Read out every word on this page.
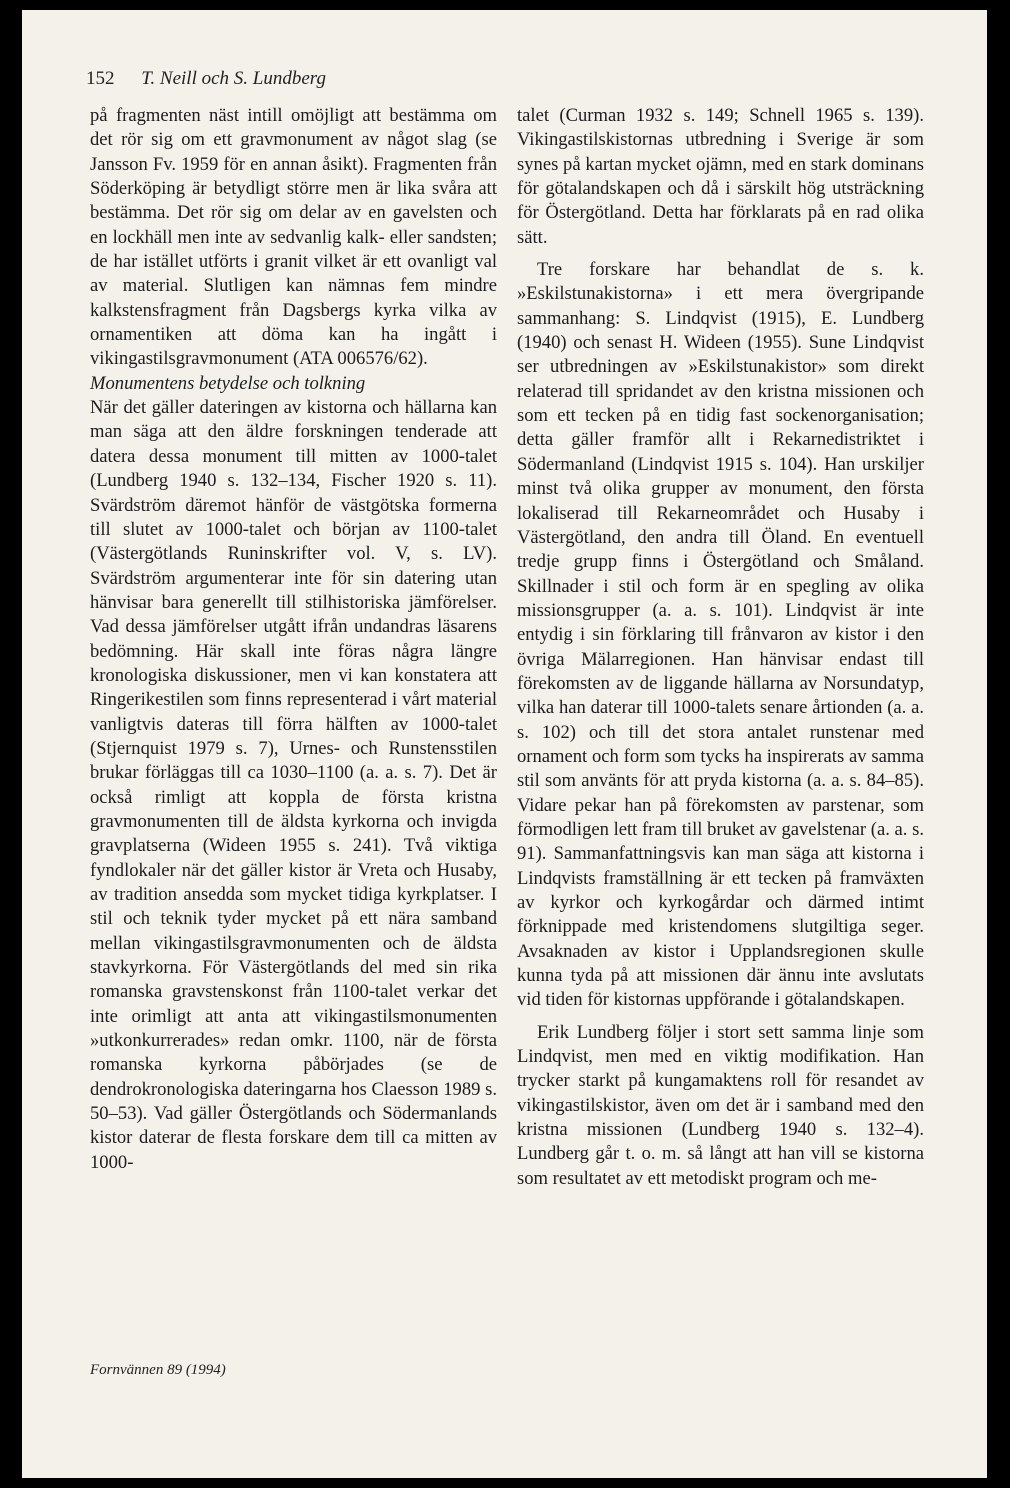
152 T. Neill och S. Lundberg

på fragmenten näst intill omöjligt att bestämma om det rör sig om ett gravmonument av något slag (se Jansson Fv. 1959 för en annan åsikt). Fragmenten från Söderköping är betydligt större men är lika svåra att bestämma. Det rör sig om delar av en gavelsten och en lockhäll men inte av sedvanlig kalk- eller sandsten; de har istället utförts i granit vilket är ett ovanligt val av material. Slutligen kan nämnas fem mindre kalkstensfragment från Dagsbergs kyrka vilka av ornamentiken att döma kan ha ingått i vikingastilsgravmonument (ATA 006576/62).

Monumentens betydelse och tolkning

När det gäller dateringen av kistorna och hällarna kan man säga att den äldre forskningen tenderade att datera dessa monument till mitten av 1000-talet (Lundberg 1940 s. 132–134, Fischer 1920 s. 11). Svärdström däremot hänför de västgötska formerna till slutet av 1000-talet och början av 1100-talet (Västergötlands Runinskrifter vol. V, s. LV). Svärdström argumenterar inte för sin datering utan hänvisar bara generellt till stilhistoriska jämförelser. Vad dessa jämförelser utgått ifrån undandras läsarens bedömning. Här skall inte föras några längre kronologiska diskussioner, men vi kan konstatera att Ringerikestilen som finns representerad i vårt material vanligtvis dateras till förra hälften av 1000-talet (Stjernquist 1979 s. 7), Urnes- och Runstensstilen brukar förläggas till ca 1030–1100 (a. a. s. 7). Det är också rimligt att koppla de första kristna gravmonumenten till de äldsta kyrkorna och invigda gravplatserna (Wideen 1955 s. 241). Två viktiga fyndlokaler när det gäller kistor är Vreta och Husaby, av tradition ansedda som mycket tidiga kyrkplatser. I stil och teknik tyder mycket på ett nära samband mellan vikingastilsgravmonumenten och de äldsta stavkyrkorna. För Västergötlands del med sin rika romanska gravstenskonst från 1100-talet verkar det inte orimligt att anta att vikingastilsmonumenten »utkonkurrerades» redan omkr. 1100, när de första romanska kyrkorna påbörjades (se de dendrokronologiska dateringarna hos Claesson 1989 s. 50–53). Vad gäller Östergötlands och Södermanlands kistor daterar de flesta forskare dem till ca mitten av 1000-

talet (Curman 1932 s. 149; Schnell 1965 s. 139). Vikingastilskistornas utbredning i Sverige är som synes på kartan mycket ojämn, med en stark dominans för götalandskapen och då i särskilt hög utsträckning för Östergötland. Detta har förklarats på en rad olika sätt.

Tre forskare har behandlat de s. k. »Eskilstunakistorna» i ett mera övergripande sammanhang: S. Lindqvist (1915), E. Lundberg (1940) och senast H. Wideen (1955). Sune Lindqvist ser utbredningen av »Eskilstunakistor» som direkt relaterad till spridandet av den kristna missionen och som ett tecken på en tidig fast sockenorganisation; detta gäller framför allt i Rekarnedistriktet i Södermanland (Lindqvist 1915 s. 104). Han urskiljer minst två olika grupper av monument, den första lokaliserad till Rekarneområdet och Husaby i Västergötland, den andra till Öland. En eventuell tredje grupp finns i Östergötland och Småland. Skillnader i stil och form är en spegling av olika missionsgrupper (a. a. s. 101). Lindqvist är inte entydig i sin förklaring till frånvaron av kistor i den övriga Mälarregionen. Han hänvisar endast till förekomsten av de liggande hällarna av Norsundatyp, vilka han daterar till 1000-talets senare årtionden (a. a. s. 102) och till det stora antalet runstenar med ornament och form som tycks ha inspirerats av samma stil som använts för att pryda kistorna (a. a. s. 84–85). Vidare pekar han på förekomsten av parstenar, som förmodligen lett fram till bruket av gavelstenar (a. a. s. 91). Sammanfattningsvis kan man säga att kistorna i Lindqvists framställning är ett tecken på framväxten av kyrkor och kyrkogårdar och därmed intimt förknippade med kristendomens slutgiltiga seger. Avsaknaden av kistor i Upplandsregionen skulle kunna tyda på att missionen där ännu inte avslutats vid tiden för kistornas uppförande i götalandskapen.

Erik Lundberg följer i stort sett samma linje som Lindqvist, men med en viktig modifikation. Han trycker starkt på kungamaktens roll för resandet av vikingastilskistor, även om det är i samband med den kristna missionen (Lundberg 1940 s. 132–4). Lundberg går t. o. m. så långt att han vill se kistorna som resultatet av ett metodiskt program och me-

Fornvännen 89 (1994)
